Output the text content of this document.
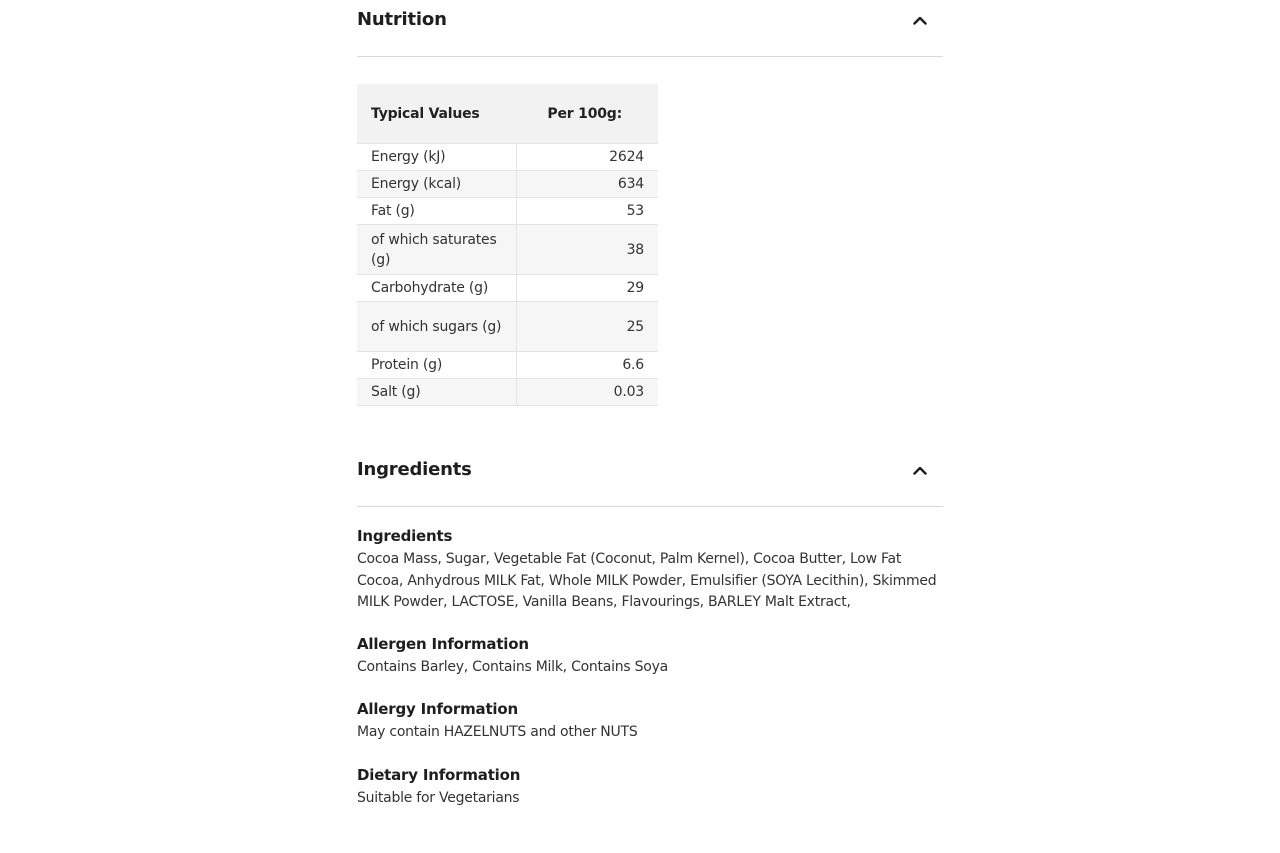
Nutrition
Typical Values	Per 100g:
Energy (kJ)	2624
Energy (kcal)	634
Fat (g)	53
of which saturates (g)	38
Carbohydrate (g)	29
of which sugars (g)	25
Protein (g)	6.6
Salt (g)	0.03
Ingredients
Ingredients

Cocoa Mass, Sugar, Vegetable Fat (Coconut, Palm Kernel), Cocoa Butter, Low Fat Cocoa, Anhydrous MILK Fat, Whole MILK Powder, Emulsifier (SOYA Lecithin), Skimmed MILK Powder, LACTOSE, Vanilla Beans, Flavourings, BARLEY Malt Extract,

Allergen Information

Contains Barley, Contains Milk, Contains Soya

Allergy Information

May contain HAZELNUTS and other NUTS

Dietary Information

Suitable for Vegetarians
